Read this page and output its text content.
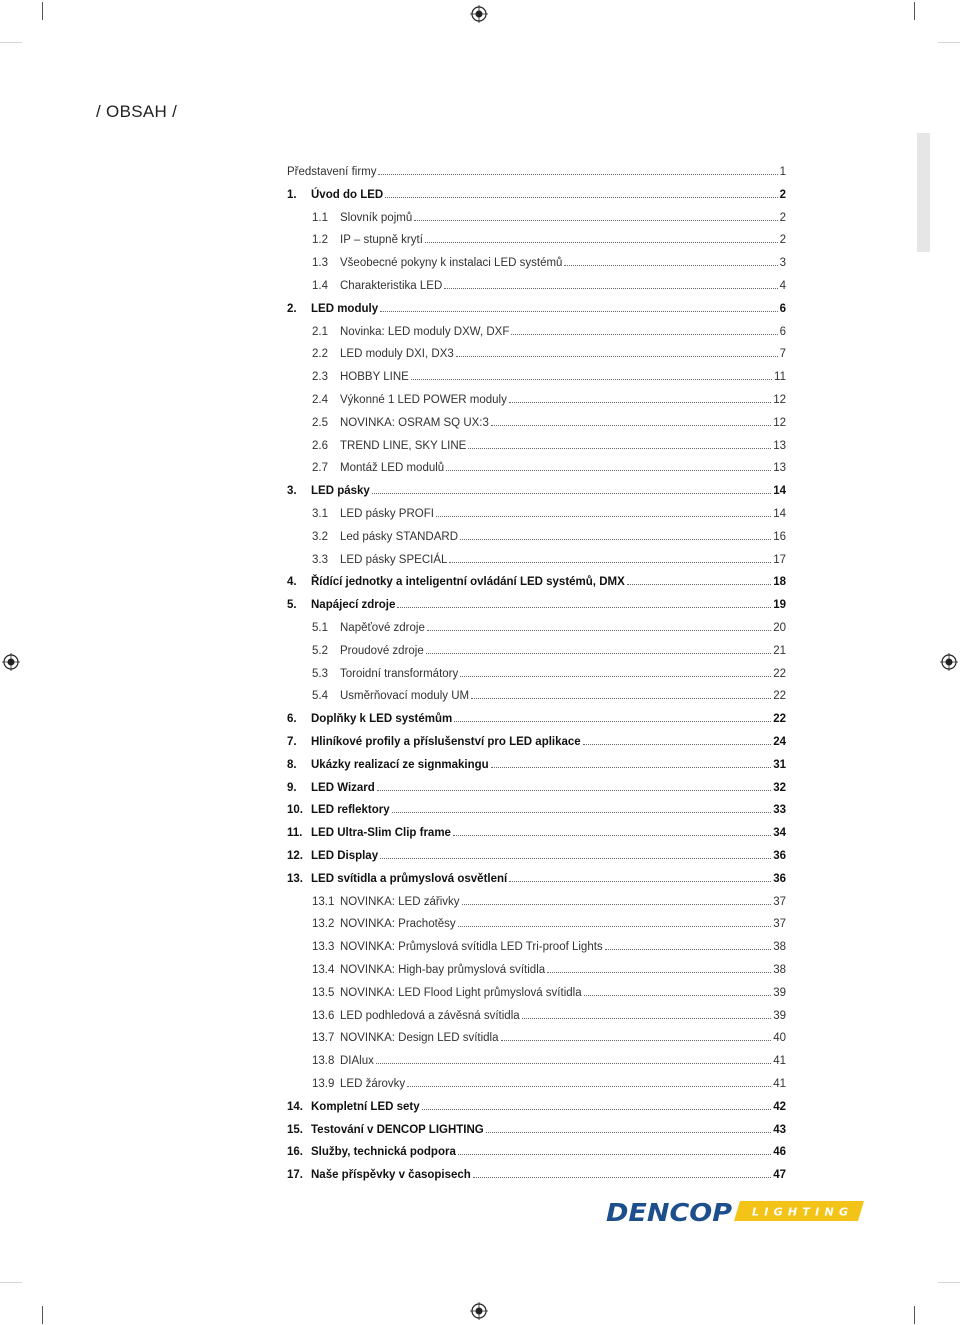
/ OBSAH /
Představení firmy	1
1.	Úvod do LED	2
1.1	Slovník pojmů	2
1.2	IP – stupně krytí	2
1.3	Všeobecné pokyny k instalaci LED systémů	3
1.4	Charakteristika LED	4
2.	LED moduly	6
2.1	Novinka: LED moduly DXW, DXF	6
2.2	LED moduly DXI, DX3	7
2.3	HOBBY LINE	11
2.4	Výkonné 1 LED POWER moduly	12
2.5	NOVINKA: OSRAM SQ UX:3	12
2.6	TREND LINE, SKY LINE	13
2.7	Montáž LED modulů	13
3.	LED pásky	14
3.1	LED pásky PROFI	14
3.2	Led pásky STANDARD	16
3.3	LED pásky SPECIÁL	17
4.	Řídící jednotky a inteligentní ovládání LED systémů, DMX	18
5.	Napájecí zdroje	19
5.1	Napěťové zdroje	20
5.2	Proudové zdroje	21
5.3	Toroidní transformátory	22
5.4	Usměrňovací moduly UM	22
6.	Doplňky k LED systémům	22
7.	Hliníkové profily a příslušenství pro LED aplikace	24
8.	Ukázky realizací ze signmakingu	31
9.	LED Wizard	32
10. LED reflektory	33
11. LED Ultra-Slim Clip frame	34
12. LED Display	36
13. LED svítidla a průmyslová osvětlení	36
13.1 NOVINKA: LED zářivky	37
13.2 NOVINKA: Prachotěsy	37
13.3 NOVINKA: Průmyslová svítidla LED Tri-proof Lights	38
13.4 NOVINKA: High-bay průmyslová svítidla	38
13.5 NOVINKA: LED Flood Light průmyslová svítidla	39
13.6 LED podhledová a závěsná svítidla	39
13.7 NOVINKA: Design LED svítidla	40
13.8 DIAlux	41
13.9 LED žárovky	41
14. Kompletní LED sety	42
15. Testování v DENCOP LIGHTING	43
16. Služby, technická podpora	46
17. Naše příspěvky v časopisech	47
DENCOP L I G H T I N G
